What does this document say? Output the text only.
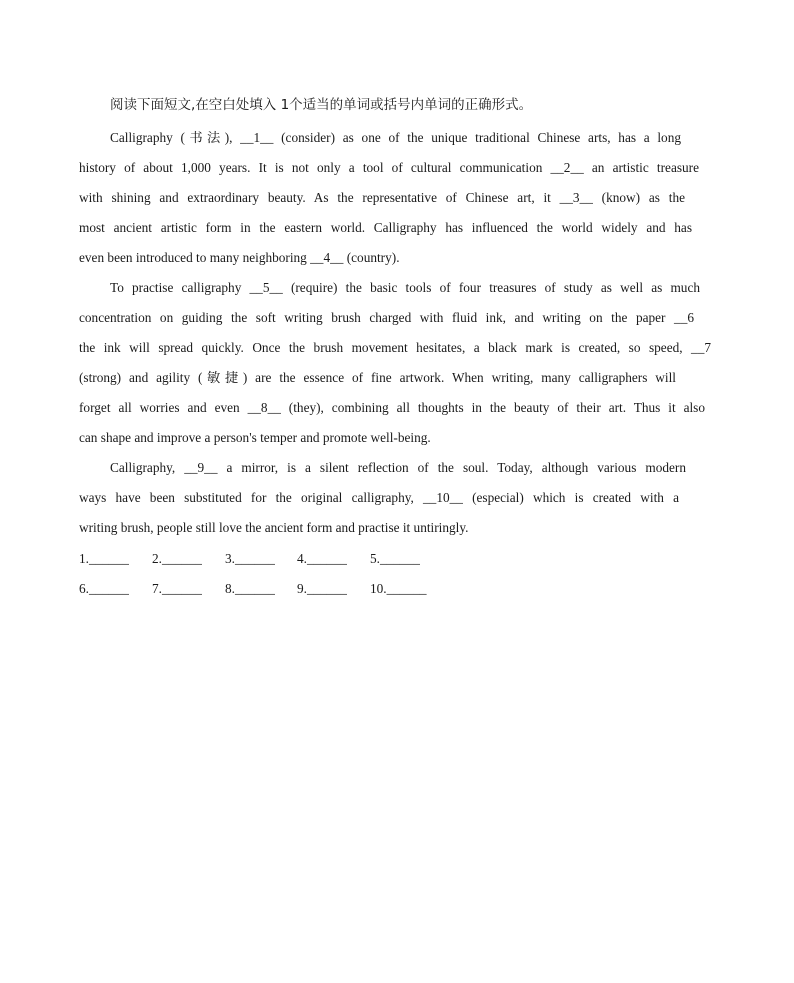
阅读下面短文,在空白处填入 1个适当的单词或括号内单词的正确形式。
Calligraphy (书法), __1__ (consider) as one of the unique traditional Chinese arts, has a long
history of about 1,000 years. It is not only a tool of cultural communication __2__ an artistic treasure
with shining and extraordinary beauty. As the representative of Chinese art, it __3__ (know) as the
most ancient artistic form in the eastern world. Calligraphy has influenced the world widely and has
even been introduced to many neighboring __4__ (country).
To practise calligraphy __5__ (require) the basic tools of four treasures of study as well as much
concentration on guiding the soft writing brush charged with fluid ink, and writing on the paper __6
the ink will spread quickly. Once the brush movement hesitates, a black mark is created, so speed, __7
(strong) and agility (敏捷) are the essence of fine artwork. When writing, many calligraphers will
forget all worries and even __8__ (they), combining all thoughts in the beauty of their art. Thus it also
can shape and improve a person's temper and promote well-being.
Calligraphy, __9__ a mirror, is a silent reflection of the soul. Today, although various modern
ways have been substituted for the original calligraphy, __10__ (especial) which is created with a
writing brush, people still love the ancient form and practise it untiringly.
1.______ 2.______ 3.______ 4.______ 5.______
6.______ 7.______ 8.______ 9.______ 10.______
